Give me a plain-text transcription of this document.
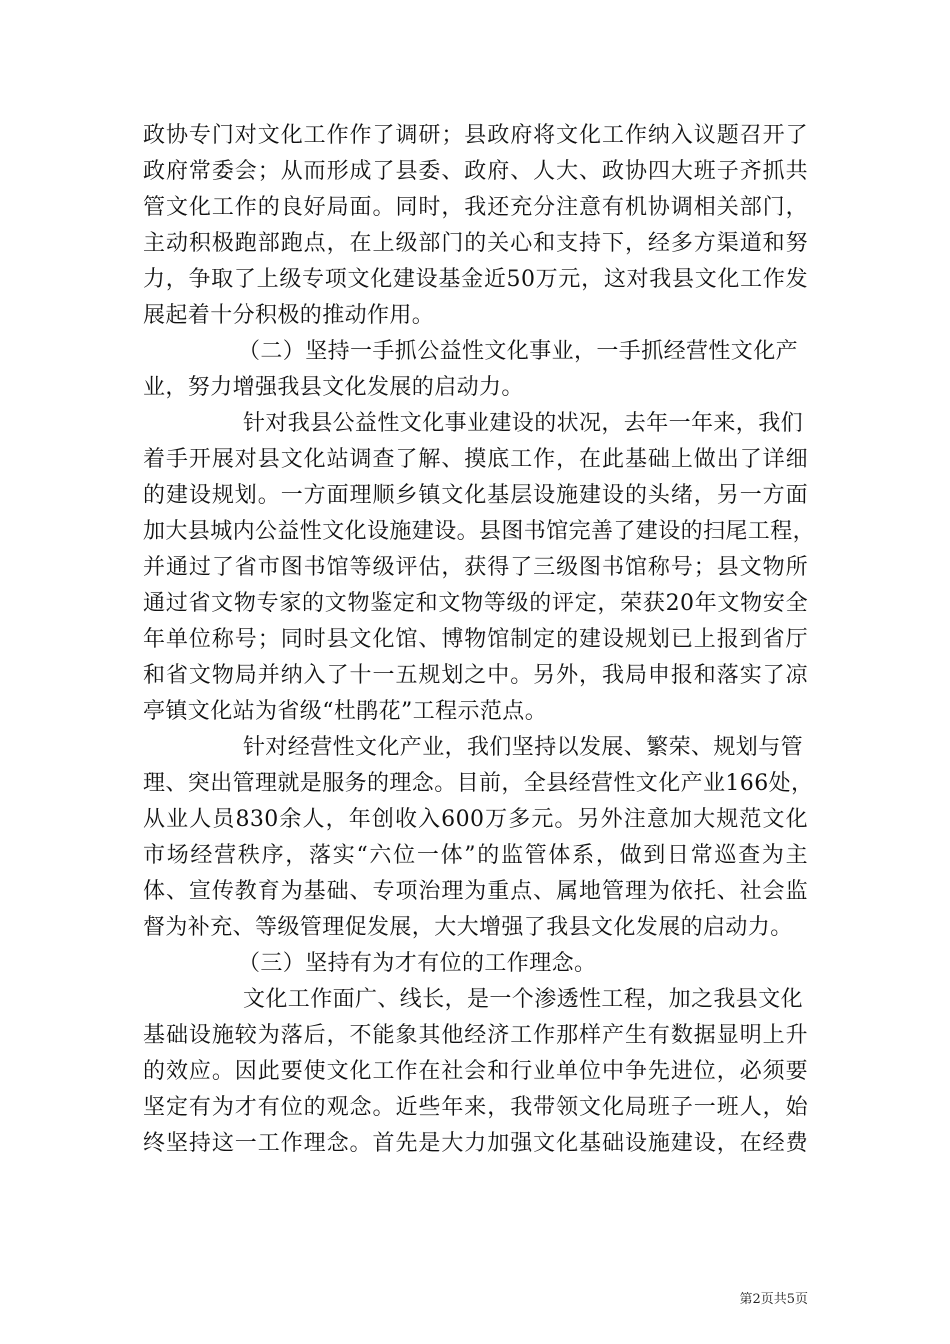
政协专门对文化工作作了调研；县政府将文化工作纳入议题召开了
政府常委会；从而形成了县委、政府、人大、政协四大班子齐抓共
管文化工作的良好局面。同时，我还充分注意有机协调相关部门，
主动积极跑部跑点，在上级部门的关心和支持下，经多方渠道和努
力，争取了上级专项文化建设基金近50万元，这对我县文化工作发
展起着十分积极的推动作用。
（二）坚持一手抓公益性文化事业，一手抓经营性文化产
业，努力增强我县文化发展的启动力。
针对我县公益性文化事业建设的状况，去年一年来，我们
着手开展对县文化站调查了解、摸底工作，在此基础上做出了详细
的建设规划。一方面理顺乡镇文化基层设施建设的头绪，另一方面
加大县城内公益性文化设施建设。县图书馆完善了建设的扫尾工程，
并通过了省市图书馆等级评估，获得了三级图书馆称号；县文物所
通过省文物专家的文物鉴定和文物等级的评定，荣获20年文物安全
年单位称号；同时县文化馆、博物馆制定的建设规划已上报到省厅
和省文物局并纳入了十一五规划之中。另外，我局申报和落实了凉
亭镇文化站为省级“杜鹃花”工程示范点。
针对经营性文化产业，我们坚持以发展、繁荣、规划与管
理、突出管理就是服务的理念。目前，全县经营性文化产业166处，
从业人员830余人，年创收入600万多元。另外注意加大规范文化
市场经营秩序，落实“六位一体”的监管体系，做到日常巡查为主
体、宣传教育为基础、专项治理为重点、属地管理为依托、社会监
督为补充、等级管理促发展，大大增强了我县文化发展的启动力。
（三）坚持有为才有位的工作理念。
文化工作面广、线长，是一个渗透性工程，加之我县文化
基础设施较为落后，不能象其他经济工作那样产生有数据显明上升
的效应。因此要使文化工作在社会和行业单位中争先进位，必须要
坚定有为才有位的观念。近些年来，我带领文化局班子一班人，始
终坚持这一工作理念。首先是大力加强文化基础设施建设，在经费
第2页共5页
